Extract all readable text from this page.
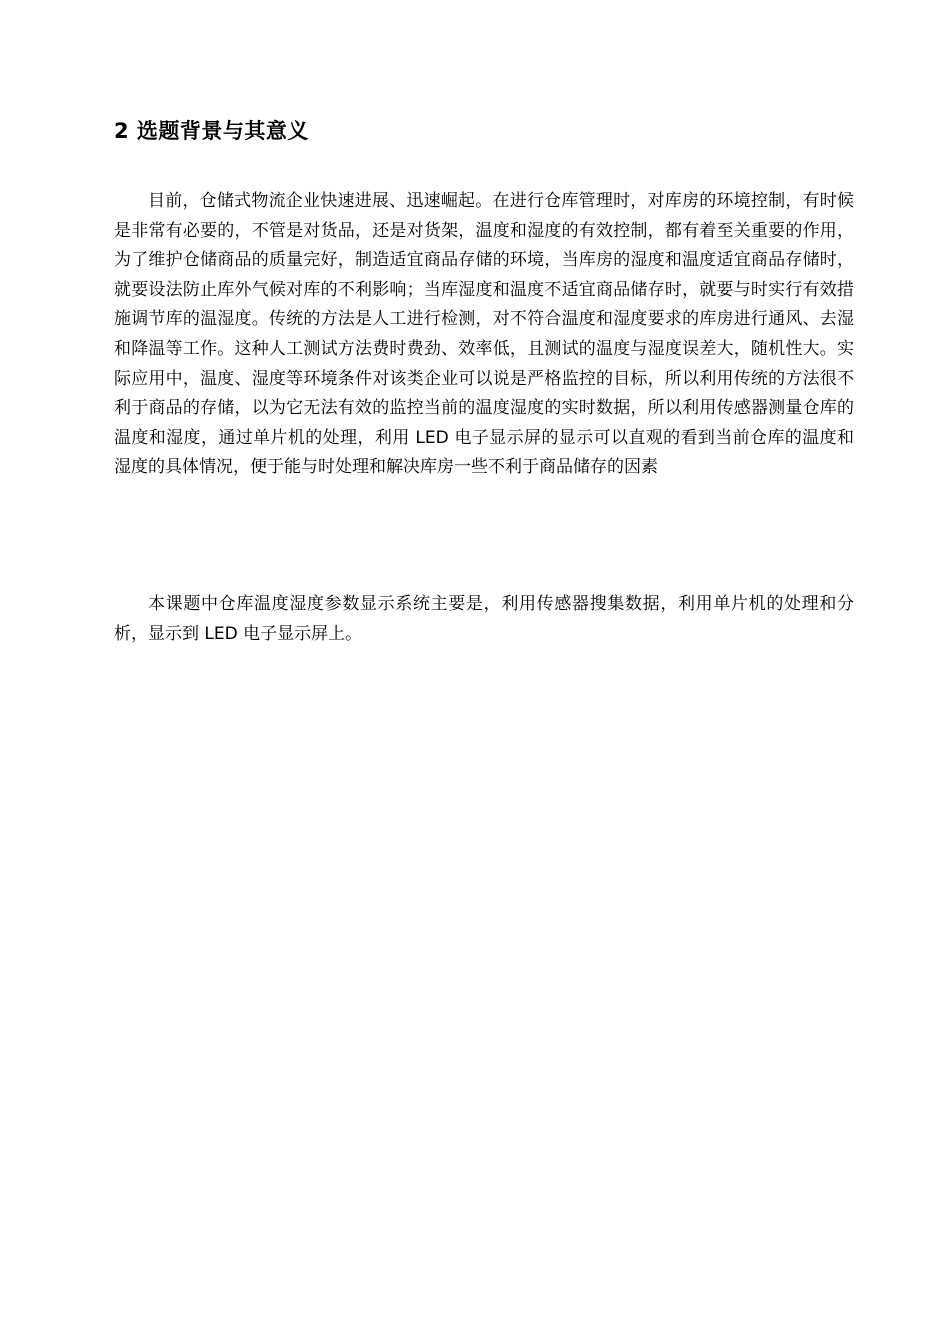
2 选题背景与其意义

目前，仓储式物流企业快速进展、迅速崛起。在进行仓库管理时，对库房的环境控制，有时候是非常有必要的，不管是对货品，还是对货架，温度和湿度的有效控制，都有着至关重要的作用，为了维护仓储商品的质量完好，制造适宜商品存储的环境，当库房的湿度和温度适宜商品存储时，就要设法防止库外气候对库的不利影响；当库湿度和温度不适宜商品储存时，就要与时实行有效措施调节库的温湿度。传统的方法是人工进行检测，对不符合温度和湿度要求的库房进行通风、去湿和降温等工作。这种人工测试方法费时费劲、效率低，且测试的温度与湿度误差大，随机性大。实际应用中，温度、湿度等环境条件对该类企业可以说是严格监控的目标，所以利用传统的方法很不利于商品的存储，以为它无法有效的监控当前的温度湿度的实时数据，所以利用传感器测量仓库的温度和湿度，通过单片机的处理，利用 LED 电子显示屏的显示可以直观的看到当前仓库的温度和湿度的具体情况，便于能与时处理和解决库房一些不利于商品储存的因素

本课题中仓库温度湿度参数显示系统主要是，利用传感器搜集数据，利用单片机的处理和分析，显示到 LED 电子显示屏上。
